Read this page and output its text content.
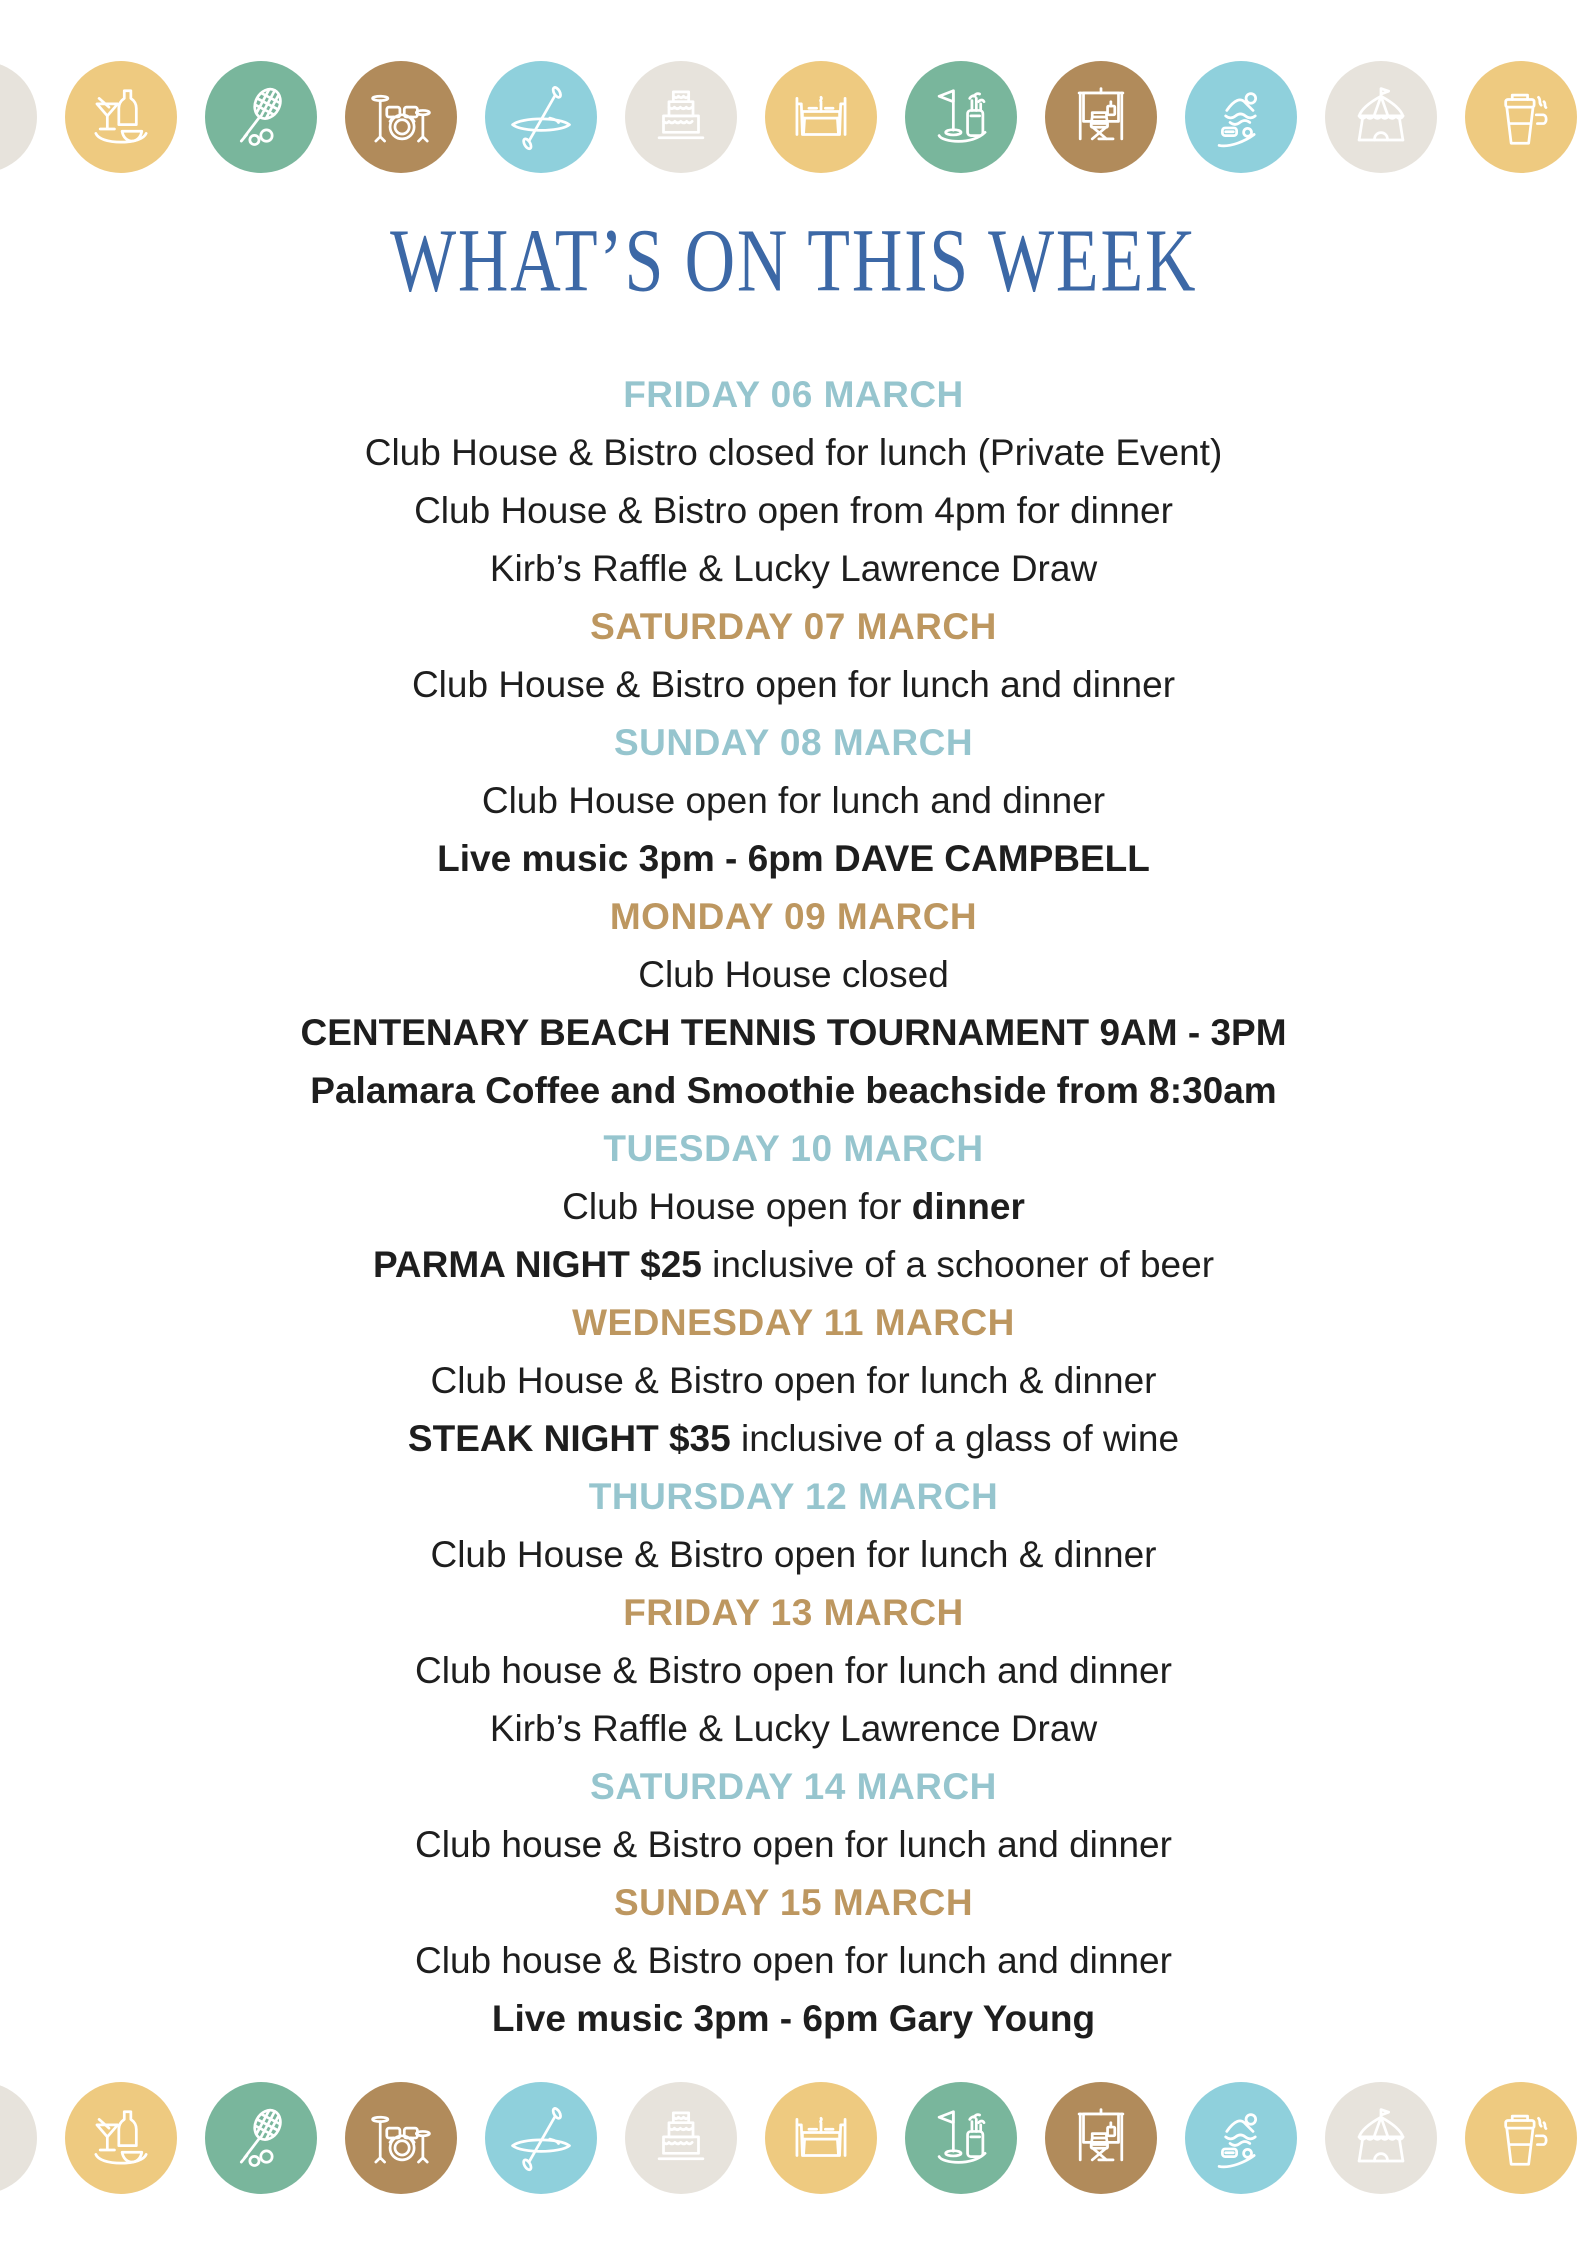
WHAT’S ON THIS WEEK
FRIDAY 06 MARCH
Club House & Bistro closed for lunch (Private Event)
Club House & Bistro open from 4pm for dinner
Kirb’s Raffle & Lucky Lawrence Draw
SATURDAY 07 MARCH
Club House & Bistro open for lunch and dinner
SUNDAY 08 MARCH
Club House open for lunch and dinner
Live music 3pm - 6pm DAVE CAMPBELL
MONDAY 09 MARCH
Club House closed
CENTENARY BEACH TENNIS TOURNAMENT 9AM - 3PM
Palamara Coffee and Smoothie beachside from 8:30am
TUESDAY 10 MARCH
Club House open for dinner
PARMA NIGHT $25 inclusive of a schooner of beer
WEDNESDAY 11 MARCH
Club House & Bistro open for lunch & dinner
STEAK NIGHT $35 inclusive of a glass of wine
THURSDAY 12 MARCH
Club House & Bistro open for lunch & dinner
FRIDAY 13 MARCH
Club house & Bistro open for lunch and dinner
Kirb’s Raffle & Lucky Lawrence Draw
SATURDAY 14 MARCH
Club house & Bistro open for lunch and dinner
SUNDAY 15 MARCH
Club house & Bistro open for lunch and dinner
Live music 3pm - 6pm Gary Young
